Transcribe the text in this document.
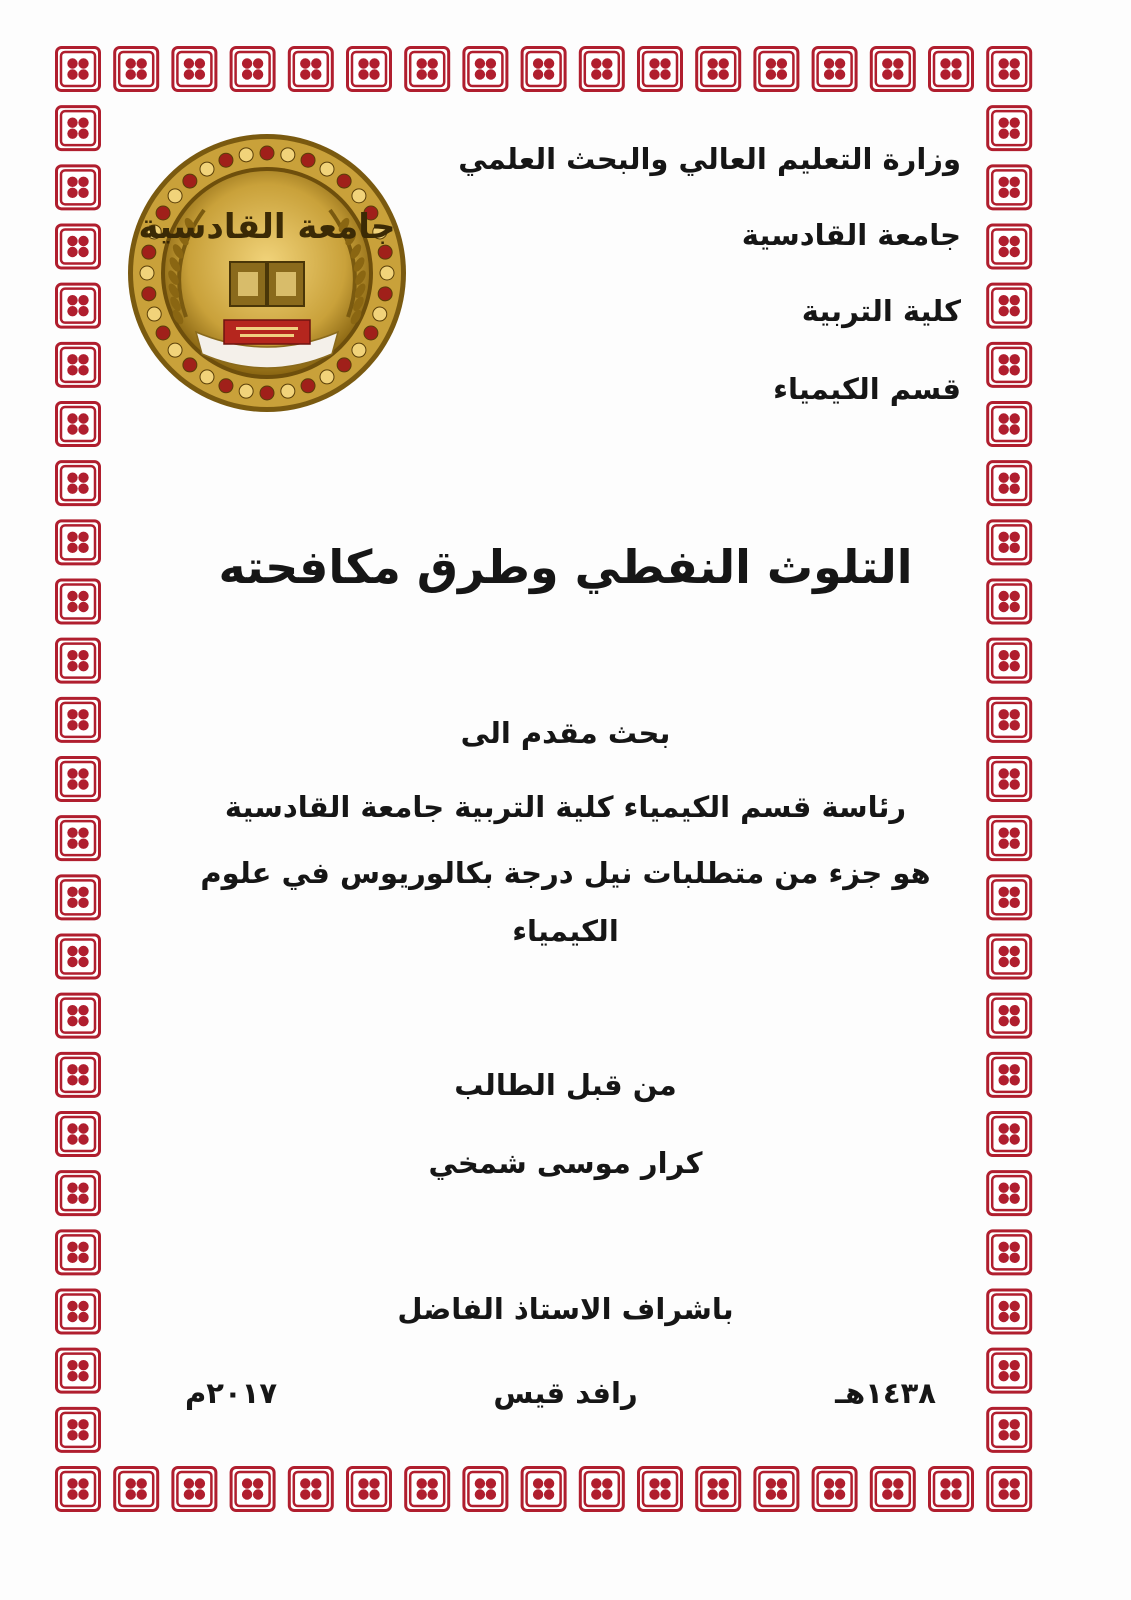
جامعة القادسية
وزارة التعليم العالي والبحث العلمي
جامعة القادسية
كلية التربية
قسم الكيمياء
التلوث النفطي وطرق مكافحته
بحث مقدم الى
رئاسة قسم الكيمياء كلية التربية جامعة القادسية
هو جزء من متطلبات نيل درجة بكالوريوس في علوم
الكيمياء
من قبل الطالب
كرار موسى شمخي
باشراف الاستاذ الفاضل
رافد قيس	١٤٣٨هـ
٢٠١٧م
